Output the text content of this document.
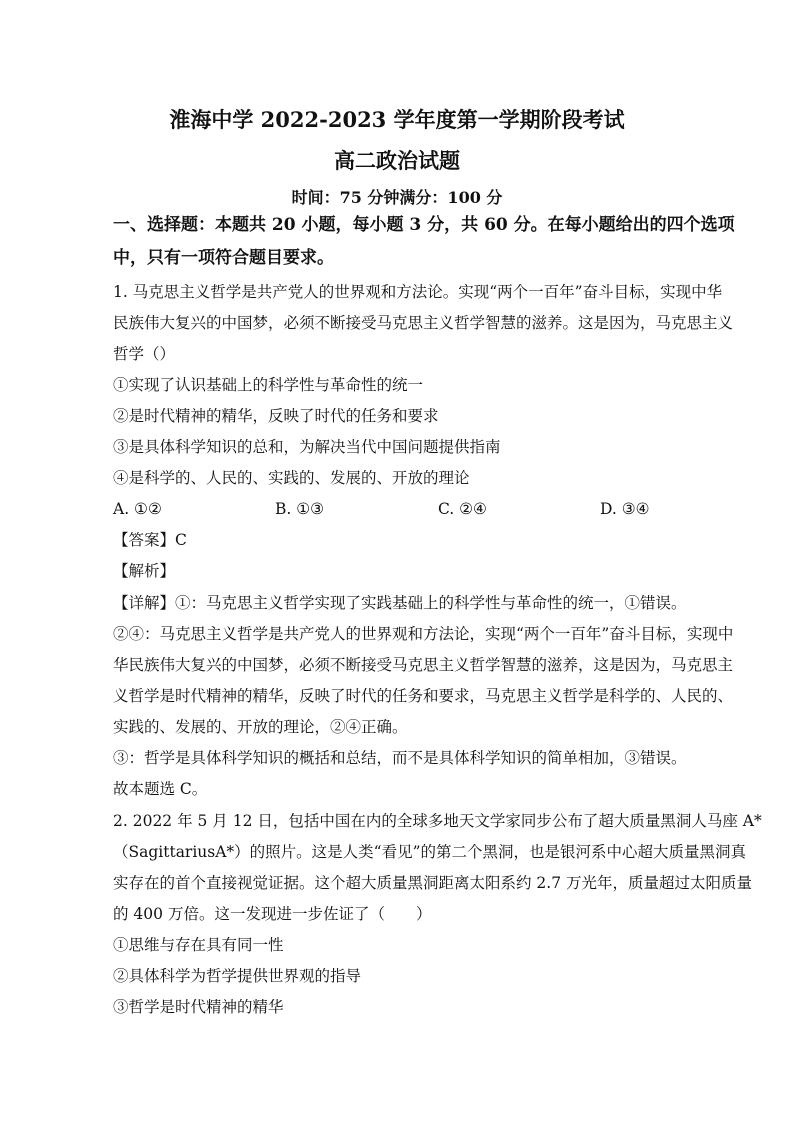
淮海中学 2022-2023 学年度第一学期阶段考试
高二政治试题
时间：75 分钟满分：100 分
一、选择题：本题共 20 小题，每小题 3 分，共 60 分。在每小题给出的四个选项
中，只有一项符合题目要求。
1. 马克思主义哲学是共产党人的世界观和方法论。实现“两个一百年”奋斗目标，实现中华
民族伟大复兴的中国梦，必须不断接受马克思主义哲学智慧的滋养。这是因为，马克思主义
哲学（）
①实现了认识基础上的科学性与革命性的统一
②是时代精神的精华，反映了时代的任务和要求
③是具体科学知识的总和，为解决当代中国问题提供指南
④是科学的、人民的、实践的、发展的、开放的理论
A. ①②	B. ①③	C. ②④	D. ③④
【答案】C
【解析】
【详解】①：马克思主义哲学实现了实践基础上的科学性与革命性的统一，①错误。
②④：马克思主义哲学是共产党人的世界观和方法论，实现“两个一百年”奋斗目标，实现中
华民族伟大复兴的中国梦，必须不断接受马克思主义哲学智慧的滋养，这是因为，马克思主
义哲学是时代精神的精华，反映了时代的任务和要求，马克思主义哲学是科学的、人民的、
实践的、发展的、开放的理论，②④正确。
③：哲学是具体科学知识的概括和总结，而不是具体科学知识的简单相加，③错误。
故本题选 C。
2. 2022 年 5 月 12 日，包括中国在内的全球多地天文学家同步公布了超大质量黑洞人马座 A*
（SagittariusA*）的照片。这是人类“看见”的第二个黑洞，也是银河系中心超大质量黑洞真
实存在的首个直接视觉证据。这个超大质量黑洞距离太阳系约 2.7 万光年，质量超过太阳质量
的 400 万倍。这一发现进一步佐证了（　　）
①思维与存在具有同一性
②具体科学为哲学提供世界观的指导
③哲学是时代精神的精华
